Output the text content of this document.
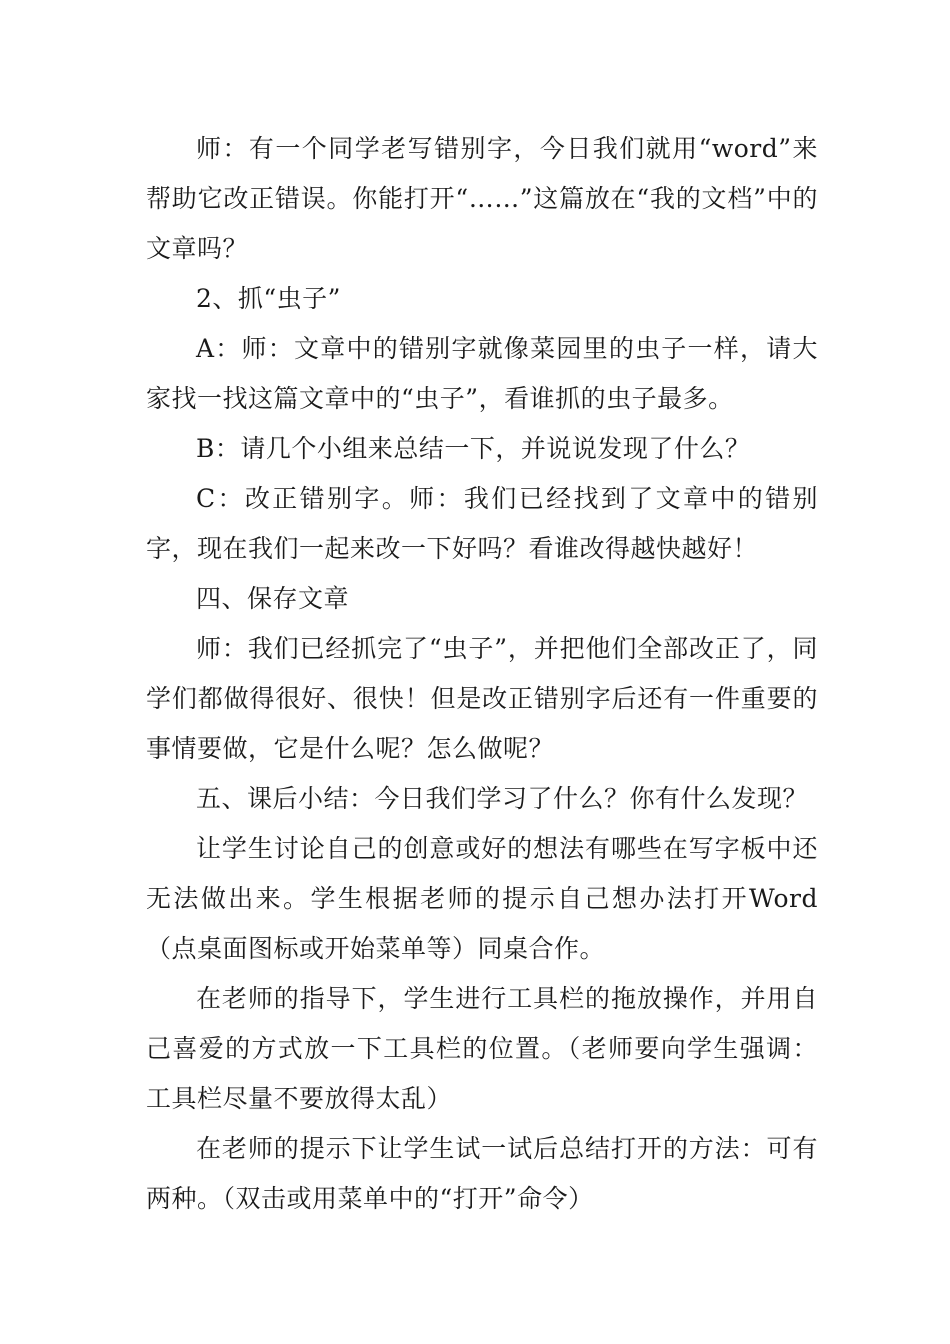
师：有一个同学老写错别字，今日我们就用“word”来帮助它改正错误。你能打开“……”这篇放在“我的文档”中的文章吗？

2、抓“虫子”

A：师：文章中的错别字就像菜园里的虫子一样，请大家找一找这篇文章中的“虫子”，看谁抓的虫子最多。

B：请几个小组来总结一下，并说说发现了什么？

C：改正错别字。师：我们已经找到了文章中的错别字，现在我们一起来改一下好吗？看谁改得越快越好！

四、保存文章

师：我们已经抓完了“虫子”，并把他们全部改正了，同学们都做得很好、很快！但是改正错别字后还有一件重要的事情要做，它是什么呢？怎么做呢？

五、课后小结：今日我们学习了什么？你有什么发现？

让学生讨论自己的创意或好的想法有哪些在写字板中还无法做出来。学生根据老师的提示自己想办法打开Word（点桌面图标或开始菜单等）同桌合作。

在老师的指导下，学生进行工具栏的拖放操作，并用自己喜爱的方式放一下工具栏的位置。（老师要向学生强调：工具栏尽量不要放得太乱）

在老师的提示下让学生试一试后总结打开的方法：可有两种。（双击或用菜单中的“打开”命令）
